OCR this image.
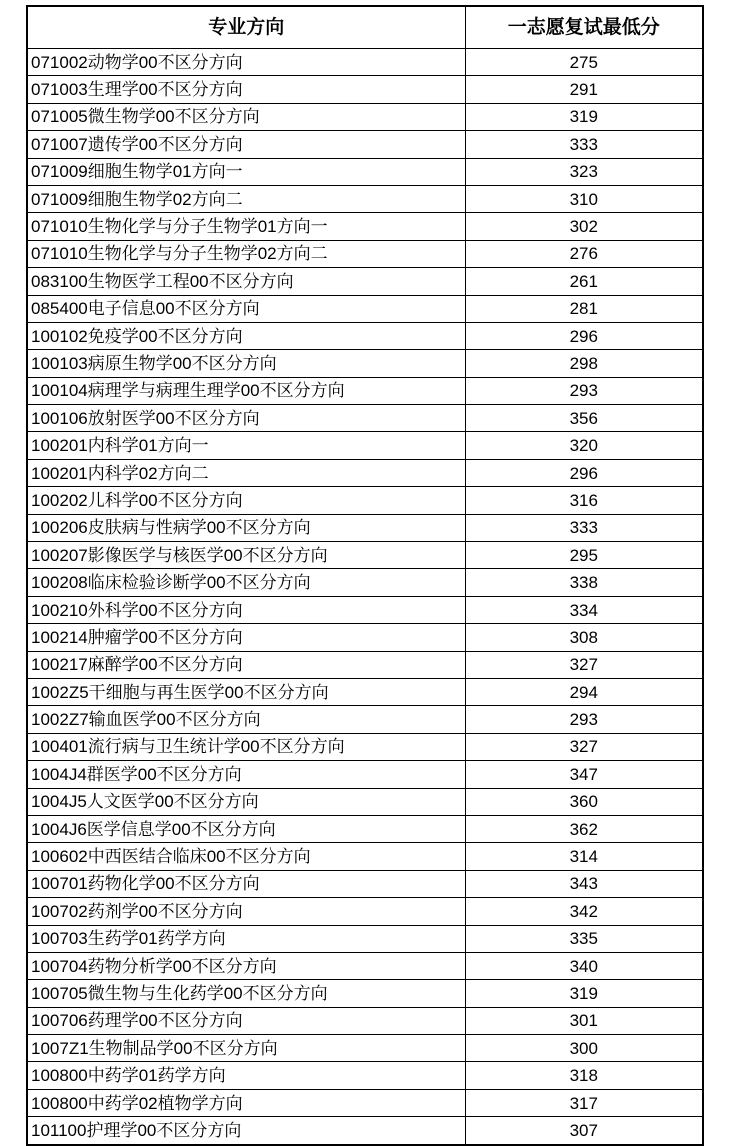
专业方向	一志愿复试最低分
071002动物学00不区分方向	275
071003生理学00不区分方向	291
071005微生物学00不区分方向	319
071007遗传学00不区分方向	333
071009细胞生物学01方向一	323
071009细胞生物学02方向二	310
071010生物化学与分子生物学01方向一	302
071010生物化学与分子生物学02方向二	276
083100生物医学工程00不区分方向	261
085400电子信息00不区分方向	281
100102免疫学00不区分方向	296
100103病原生物学00不区分方向	298
100104病理学与病理生理学00不区分方向	293
100106放射医学00不区分方向	356
100201内科学01方向一	320
100201内科学02方向二	296
100202儿科学00不区分方向	316
100206皮肤病与性病学00不区分方向	333
100207影像医学与核医学00不区分方向	295
100208临床检验诊断学00不区分方向	338
100210外科学00不区分方向	334
100214肿瘤学00不区分方向	308
100217麻醉学00不区分方向	327
1002Z5干细胞与再生医学00不区分方向	294
1002Z7输血医学00不区分方向	293
100401流行病与卫生统计学00不区分方向	327
1004J4群医学00不区分方向	347
1004J5人文医学00不区分方向	360
1004J6医学信息学00不区分方向	362
100602中西医结合临床00不区分方向	314
100701药物化学00不区分方向	343
100702药剂学00不区分方向	342
100703生药学01药学方向	335
100704药物分析学00不区分方向	340
100705微生物与生化药学00不区分方向	319
100706药理学00不区分方向	301
1007Z1生物制品学00不区分方向	300
100800中药学01药学方向	318
100800中药学02植物学方向	317
101100护理学00不区分方向	307
